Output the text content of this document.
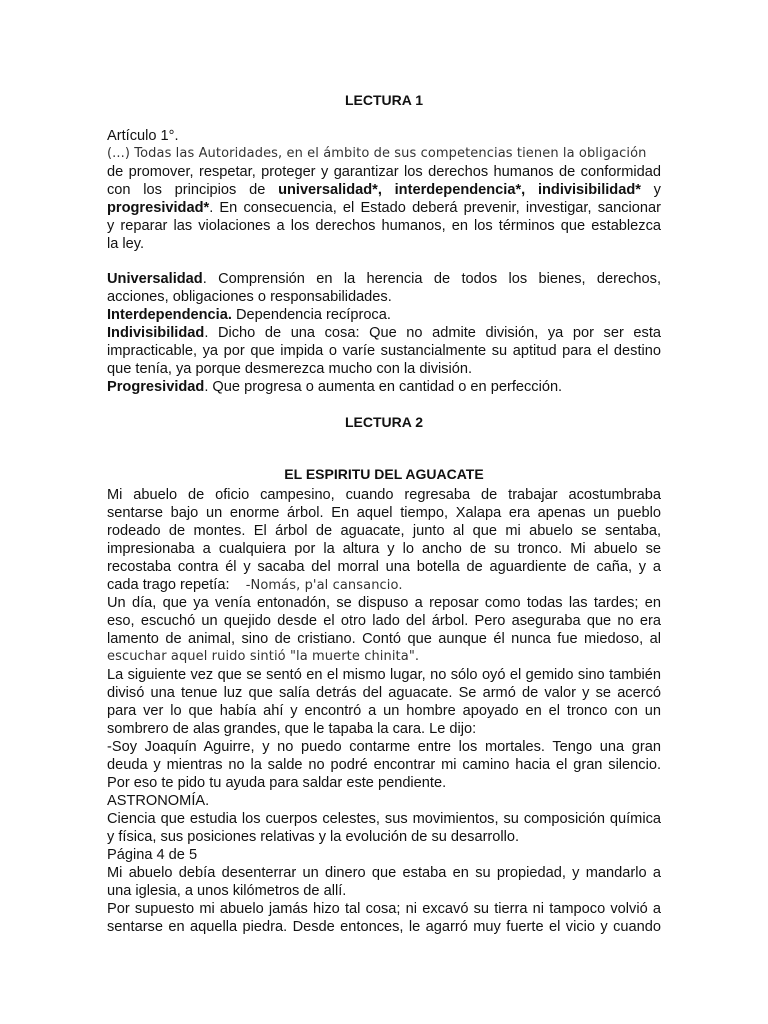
LECTURA 1
Artículo 1°.
(...) Todas las Autoridades, en el ámbito de sus competencias tienen la obligación
de promover, respetar, proteger y garantizar los derechos humanos de conformidad
con los principios de universalidad*, interdependencia*, indivisibilidad* y
progresividad*. En consecuencia, el Estado deberá prevenir, investigar, sancionar
y reparar las violaciones a los derechos humanos, en los términos que establezca
la ley.
Universalidad. Comprensión en la herencia de todos los bienes, derechos,
acciones, obligaciones o responsabilidades.
Interdependencia. Dependencia recíproca.
Indivisibilidad. Dicho de una cosa: Que no admite división, ya por ser esta
impracticable, ya por que impida o varíe sustancialmente su aptitud para el destino
que tenía, ya porque desmerezca mucho con la división.
Progresividad. Que progresa o aumenta en cantidad o en perfección.
LECTURA 2
EL ESPIRITU DEL AGUACATE
Mi abuelo de oficio campesino, cuando regresaba de trabajar acostumbraba
sentarse bajo un enorme árbol. En aquel tiempo, Xalapa era apenas un pueblo
rodeado de montes. El árbol de aguacate, junto al que mi abuelo se sentaba,
impresionaba a cualquiera por la altura y lo ancho de su tronco. Mi abuelo se
recostaba contra él y sacaba del morral una botella de aguardiente de caña, y a
cada trago repetía:    -Nomás, p'al cansancio.
Un día, que ya venía entonadón, se dispuso a reposar como todas las tardes; en
eso, escuchó un quejido desde el otro lado del árbol. Pero aseguraba que no era
lamento de animal, sino de cristiano. Contó que aunque él nunca fue miedoso, al
escuchar aquel ruido sintió "la muerte chinita".
La siguiente vez que se sentó en el mismo lugar, no sólo oyó el gemido sino también
divisó una tenue luz que salía detrás del aguacate. Se armó de valor y se acercó
para ver lo que había ahí y encontró a un hombre apoyado en el tronco con un
sombrero de alas grandes, que le tapaba la cara. Le dijo:
-Soy Joaquín Aguirre, y no puedo contarme entre los mortales. Tengo una gran
deuda y mientras no la salde no podré encontrar mi camino hacia el gran silencio.
Por eso te pido tu ayuda para saldar este pendiente.
ASTRONOMÍA.
Ciencia que estudia los cuerpos celestes, sus movimientos, su composición química
y física, sus posiciones relativas y la evolución de su desarrollo.
Página 4 de 5
Mi abuelo debía desenterrar un dinero que estaba en su propiedad, y mandarlo a
una iglesia, a unos kilómetros de allí.
Por supuesto mi abuelo jamás hizo tal cosa; ni excavó su tierra ni tampoco volvió a
sentarse en aquella piedra. Desde entonces, le agarró muy fuerte el vicio y cuando
